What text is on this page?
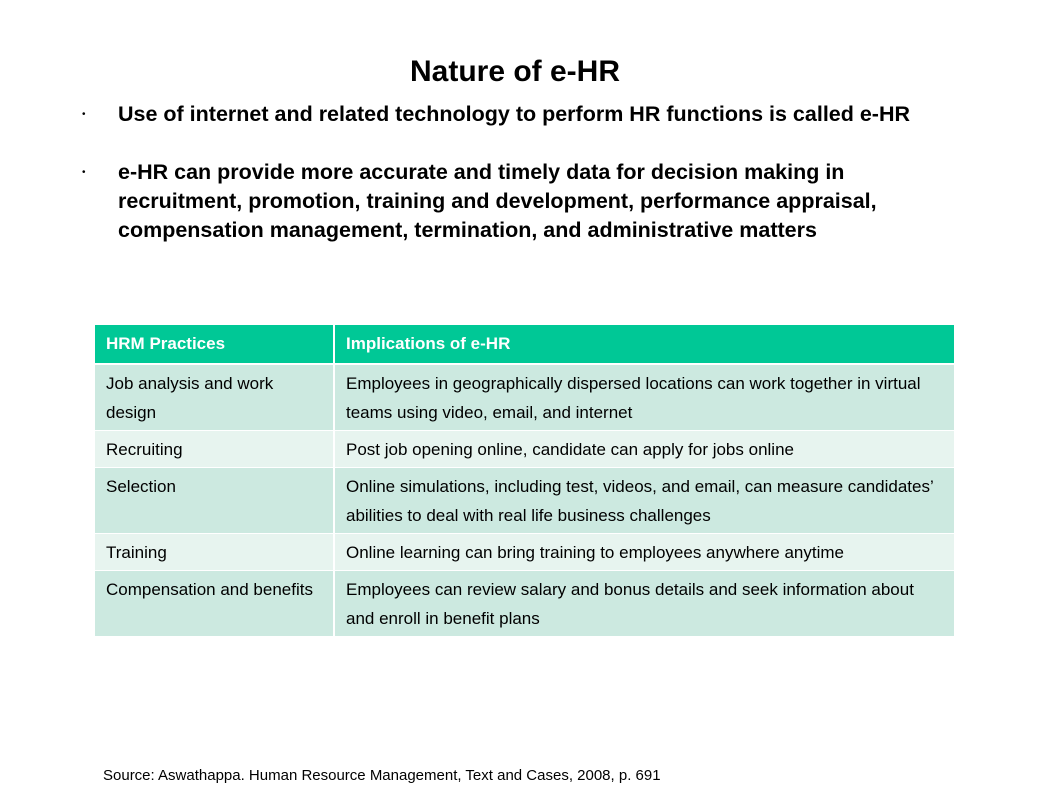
Nature of e-HR
• Use of internet and related technology to perform HR functions is called e-HR
• e-HR can provide more accurate and timely data for decision making in recruitment, promotion, training and development, performance appraisal, compensation management, termination, and administrative matters
HRM Practices	Implications of e-HR
Job analysis and work design	Employees in geographically dispersed locations can work together in virtual teams using video, email, and internet
Recruiting	Post job opening online, candidate can apply for jobs online
Selection	Online simulations, including test, videos, and email, can measure candidates’ abilities to deal with real life business challenges
Training	Online learning can bring training to employees anywhere anytime
Compensation and benefits	Employees can review salary and bonus details and seek information about and enroll in benefit plans
Source: Aswathappa. Human Resource Management, Text and Cases, 2008, p. 691
